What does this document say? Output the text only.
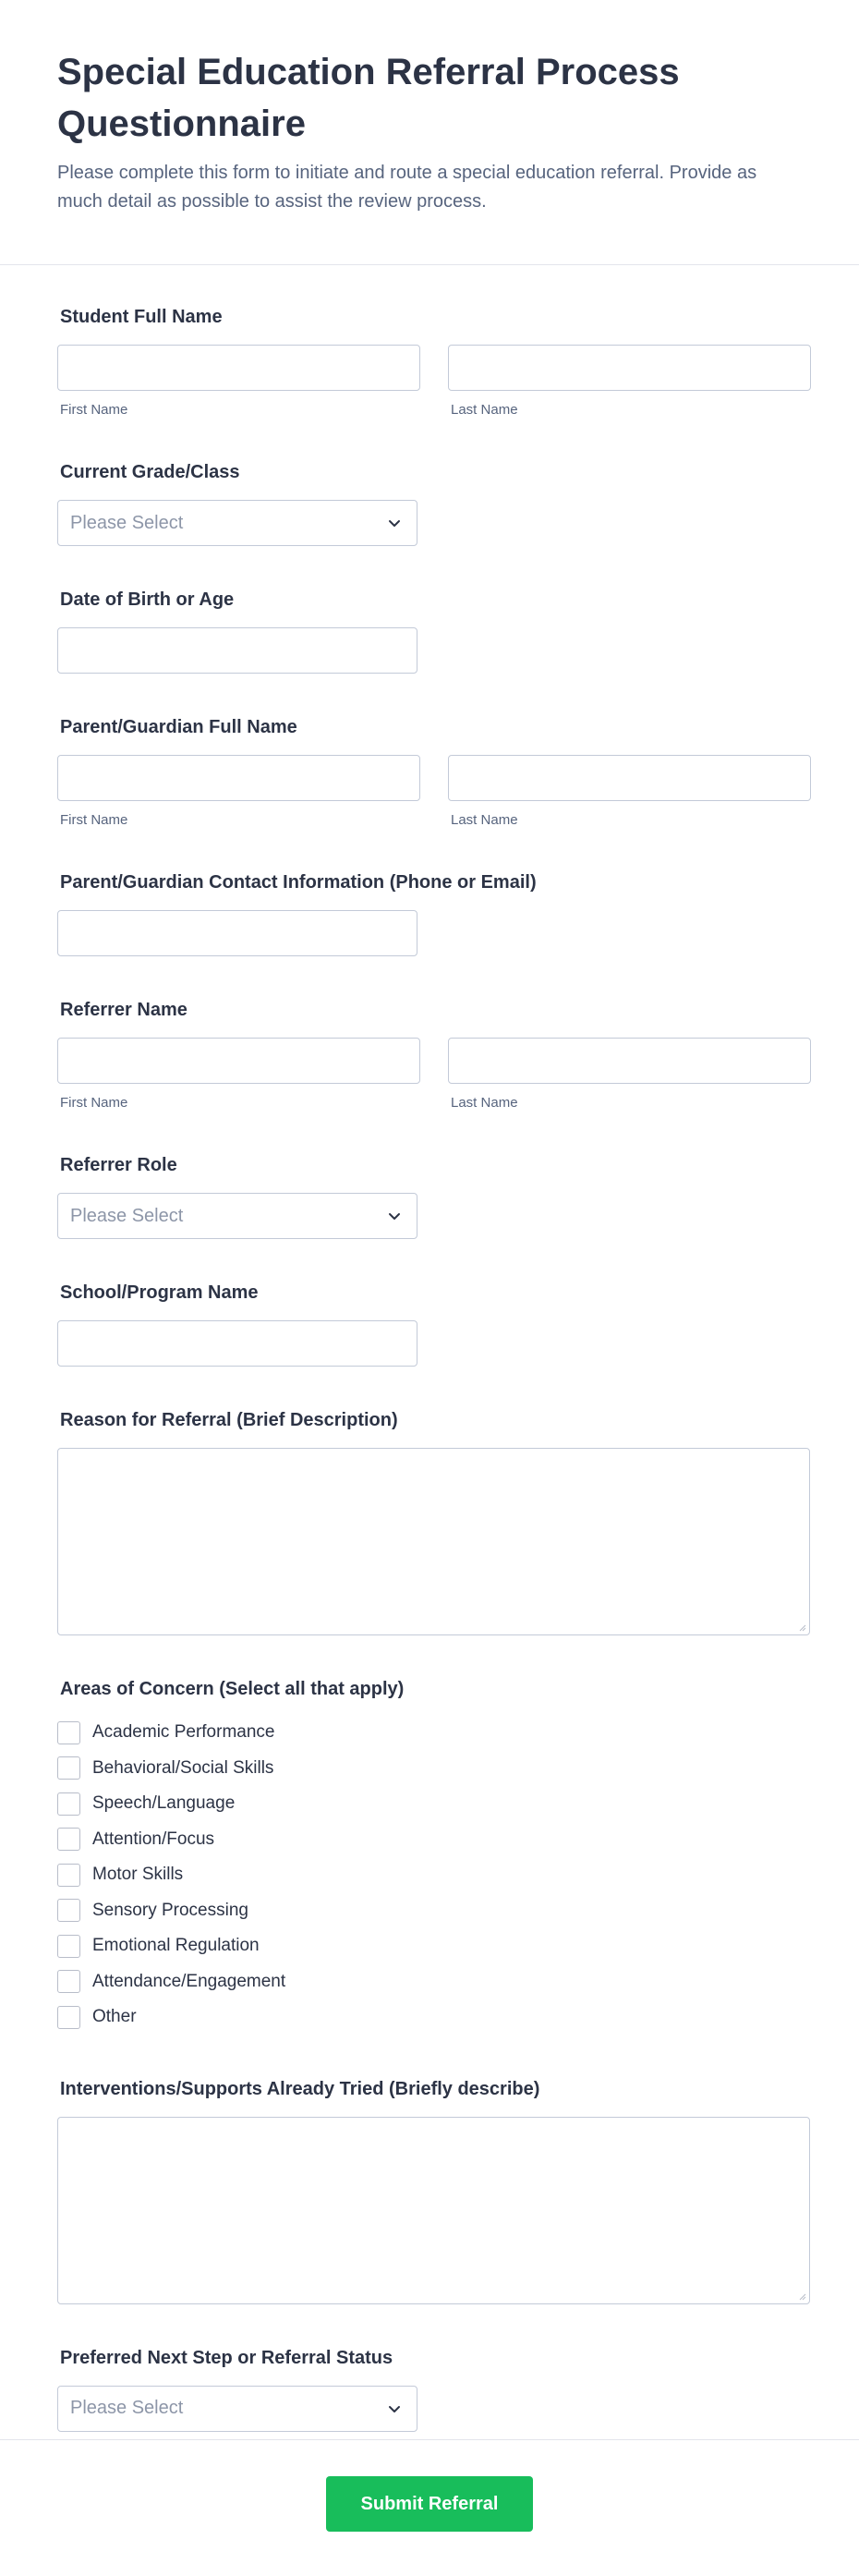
Special Education Referral Process Questionnaire

Please complete this form to initiate and route a special education referral. Provide as much detail as possible to assist the review process.

Student Full Name
First Name	Last Name
Current Grade/Class
Please Select
Date of Birth or Age
Parent/Guardian Full Name
First Name	Last Name
Parent/Guardian Contact Information (Phone or Email)
Referrer Name
First Name	Last Name
Referrer Role
Please Select
School/Program Name
Reason for Referral (Brief Description)
Areas of Concern (Select all that apply)
Academic Performance
Behavioral/Social Skills
Speech/Language
Attention/Focus
Motor Skills
Sensory Processing
Emotional Regulation
Attendance/Engagement
Other
Interventions/Supports Already Tried (Briefly describe)
Preferred Next Step or Referral Status
Please Select
Submit Referral
